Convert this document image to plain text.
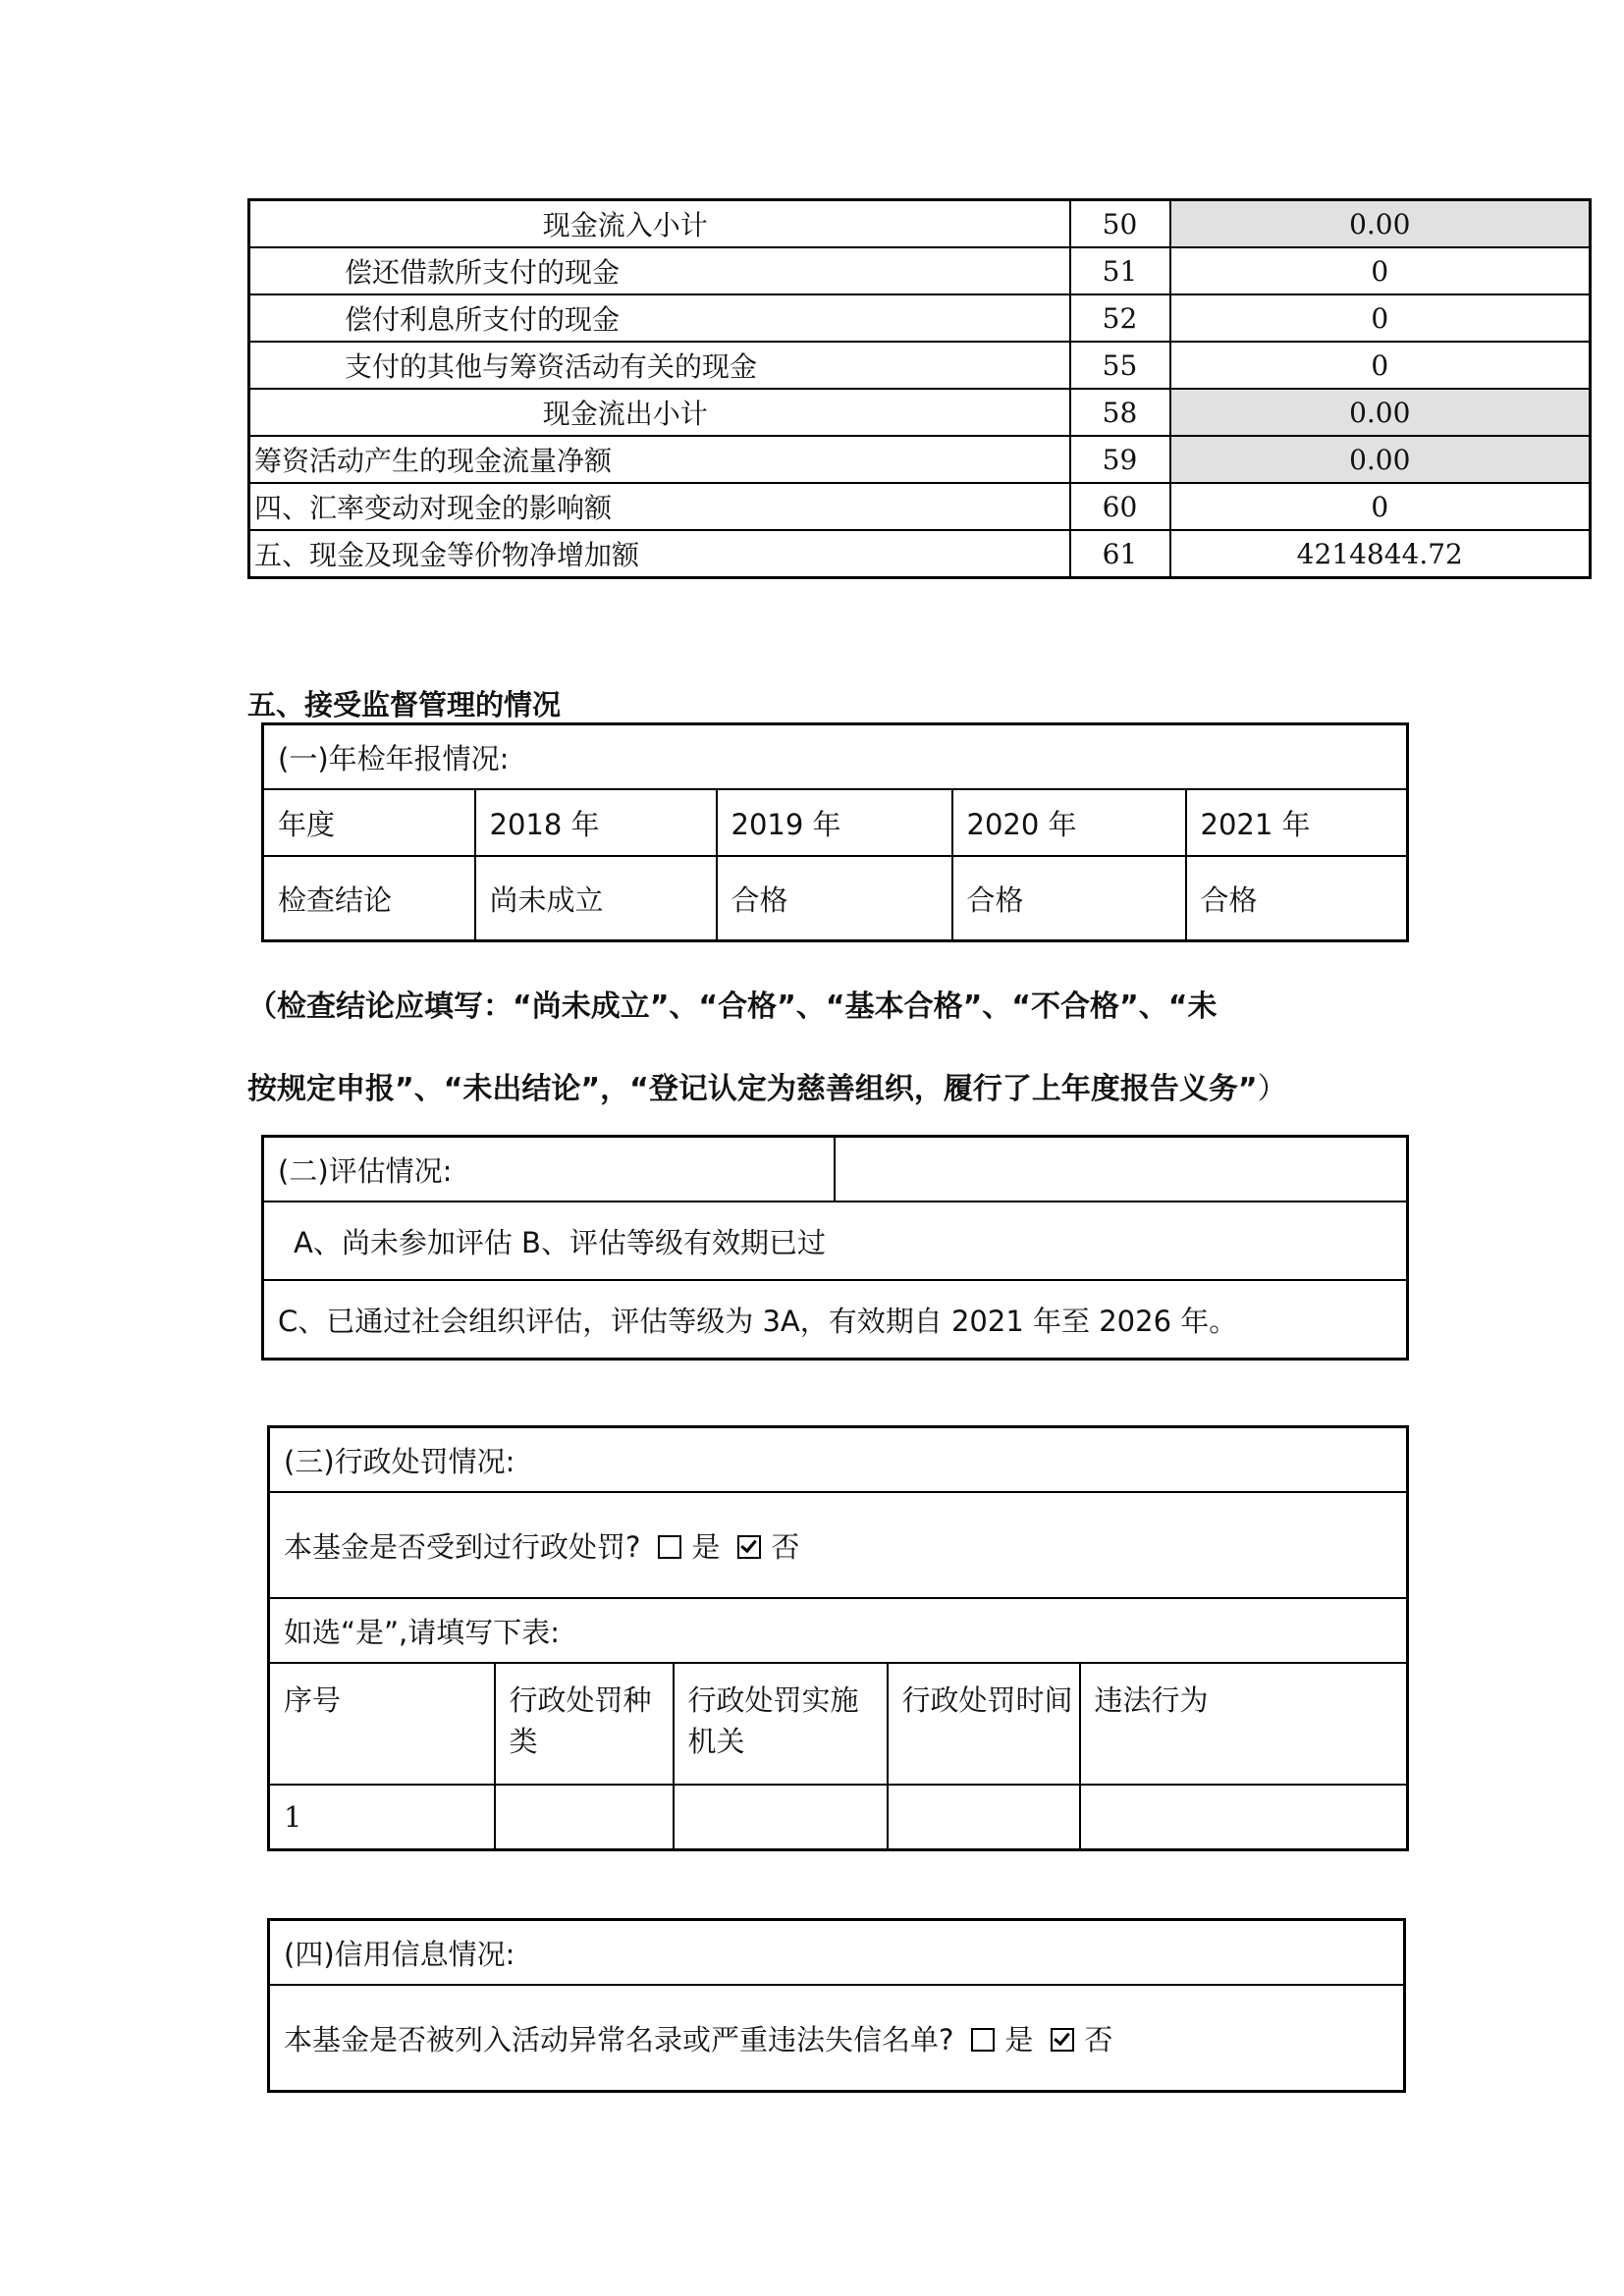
现金流入小计	50	0.00
偿还借款所支付的现金	51	0
偿付利息所支付的现金	52	0
支付的其他与筹资活动有关的现金	55	0
现金流出小计	58	0.00
筹资活动产生的现金流量净额	59	0.00
四、汇率变动对现金的影响额	60	0
五、现金及现金等价物净增加额	61	4214844.72
五、接受监督管理的情况
(一)年检年报情况:				
年度	2018 年	2019 年	2020 年	2021 年
检查结论	尚未成立	合格	合格	合格
（检查结论应填写：“尚未成立”、“合格”、“基本合格”、“不合格”、“未
按规定申报”、“未出结论”，“登记认定为慈善组织，履行了上年度报告义务”）
(二)评估情况:	
A、尚未参加评估 B、评估等级有效期已过
C、已通过社会组织评估，评估等级为 3A，有效期自 2021 年至 2026 年。
(三)行政处罚情况:				
本基金是否受到过行政处罚? 是 否				
如选“是”,请填写下表:				
序号	行政处罚种类	行政处罚实施机关	行政处罚时间	违法行为
1				
(四)信用信息情况:
本基金是否被列入活动异常名录或严重违法失信名单? 是 否
